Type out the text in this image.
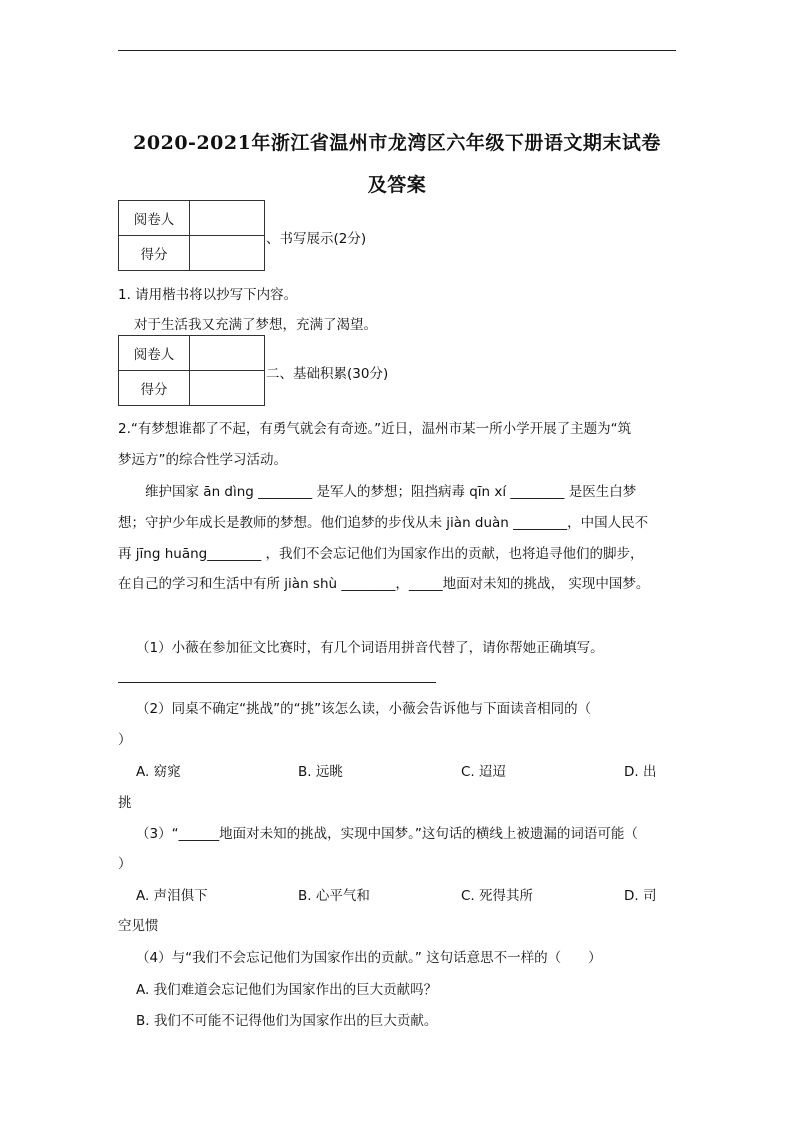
2020-2021年浙江省温州市龙湾区六年级下册语文期末试卷
及答案
阅卷人	
得分	
、书写展示(2分)
1. 请用楷书将以抄写下内容。
对于生活我又充满了梦想，充满了渴望。
阅卷人	
得分	
二、基础积累(30分)
2.“有梦想谁都了不起，有勇气就会有奇迹。”近日，温州市某一所小学开展了主题为“筑
梦远方”的综合性学习活动。
维护国家 ān dìng ________ 是军人的梦想；阻挡病毒 qīn xí ________ 是医生白梦
想；守护少年成长是教师的梦想。他们追梦的步伐从未 jiàn duàn ________，中国人民不
再 jīng huāng________ ，我们不会忘记他们为国家作出的贡献，也将追寻他们的脚步，
在自己的学习和生活中有所 jiàn shù ________，_____地面对未知的挑战， 实现中国梦。
（1）小薇在参加征文比赛时，有几个词语用拼音代替了，请你帮她正确填写。
（2）同桌不确定“挑战”的“挑”该怎么读，小薇会告诉他与下面读音相同的（
）
A. 窈窕	B. 远眺	C. 迢迢	D. 出
挑
（3）“______地面对未知的挑战，实现中国梦。”这句话的横线上被遗漏的词语可能（
）
A. 声泪俱下	B. 心平气和	C. 死得其所	D. 司
空见惯
（4）与“我们不会忘记他们为国家作出的贡献。” 这句话意思不一样的（　　）
A. 我们难道会忘记他们为国家作出的巨大贡献吗？
B. 我们不可能不记得他们为国家作出的巨大贡献。
